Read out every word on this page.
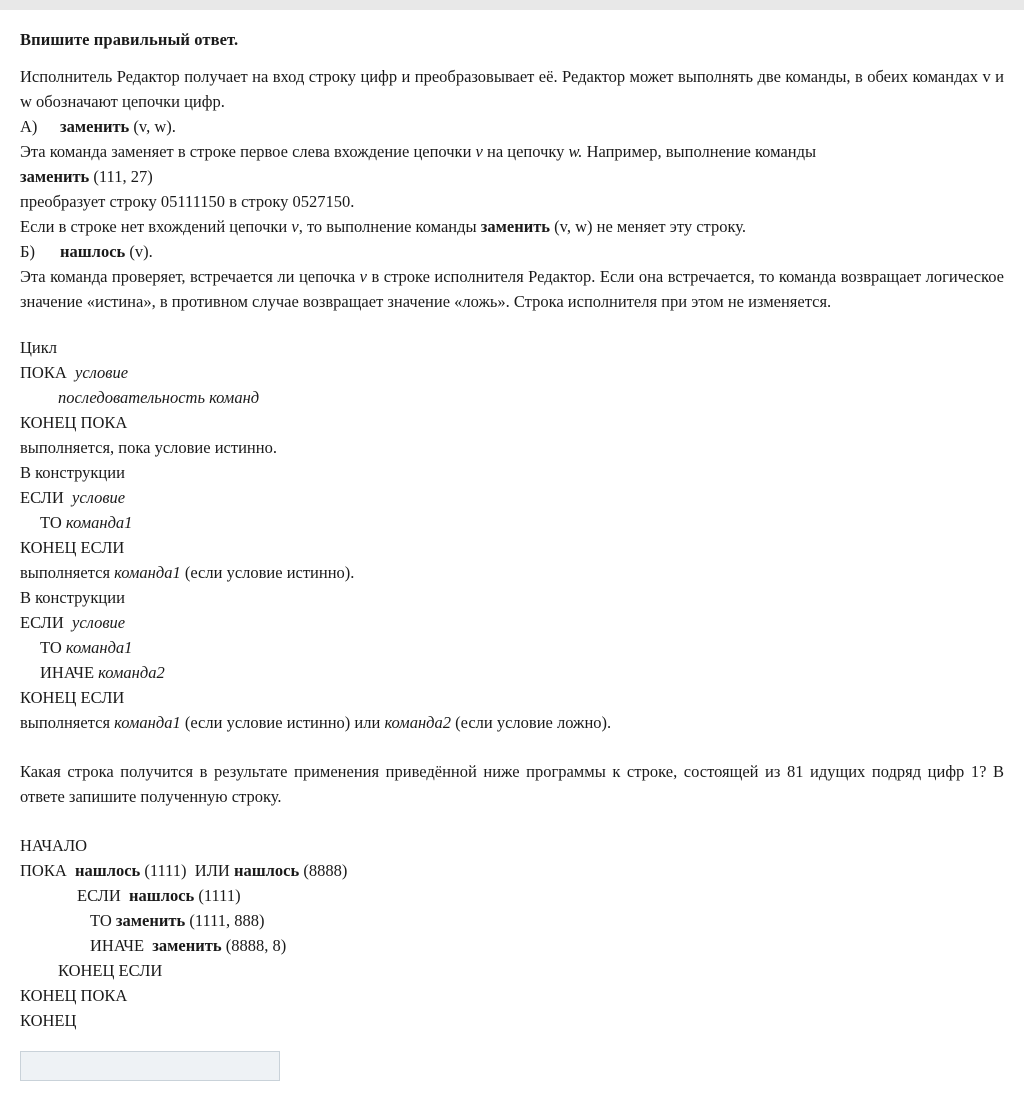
Впишите правильный ответ.
Исполнитель Редактор получает на вход строку цифр и преобразовывает её. Редактор может выполнять две команды, в обеих командах v и w обозначают цепочки цифр.
А) заменить (v, w).
Эта команда заменяет в строке первое слева вхождение цепочки v на цепочку w. Например, выполнение команды
заменить (111, 27)
преобразует строку 05111150 в строку 0527150.
Если в строке нет вхождений цепочки v, то выполнение команды заменить (v, w) не меняет эту строку.
Б) нашлось (v).
Эта команда проверяет, встречается ли цепочка v в строке исполнителя Редактор. Если она встречается, то команда возвращает логическое значение «истина», в противном случае возвращает значение «ложь». Строка исполнителя при этом не изменяется.
Цикл
ПОКА условие
последовательность команд
КОНЕЦ ПОКА
выполняется, пока условие истинно.
В конструкции
ЕСЛИ условие
ТО команда1
КОНЕЦ ЕСЛИ
выполняется команда1 (если условие истинно).
В конструкции
ЕСЛИ условие
ТО команда1
ИНАЧЕ команда2
КОНЕЦ ЕСЛИ
выполняется команда1 (если условие истинно) или команда2 (если условие ложно).
Какая строка получится в результате применения приведённой ниже программы к строке, состоящей из 81 идущих подряд цифр 1? В ответе запишите полученную строку.
НАЧАЛО
ПОКА нашлось (1111) ИЛИ нашлось (8888)
ЕСЛИ нашлось (1111)
ТО заменить (1111, 888)
ИНАЧЕ заменить (8888, 8)
КОНЕЦ ЕСЛИ
КОНЕЦ ПОКА
КОНЕЦ
